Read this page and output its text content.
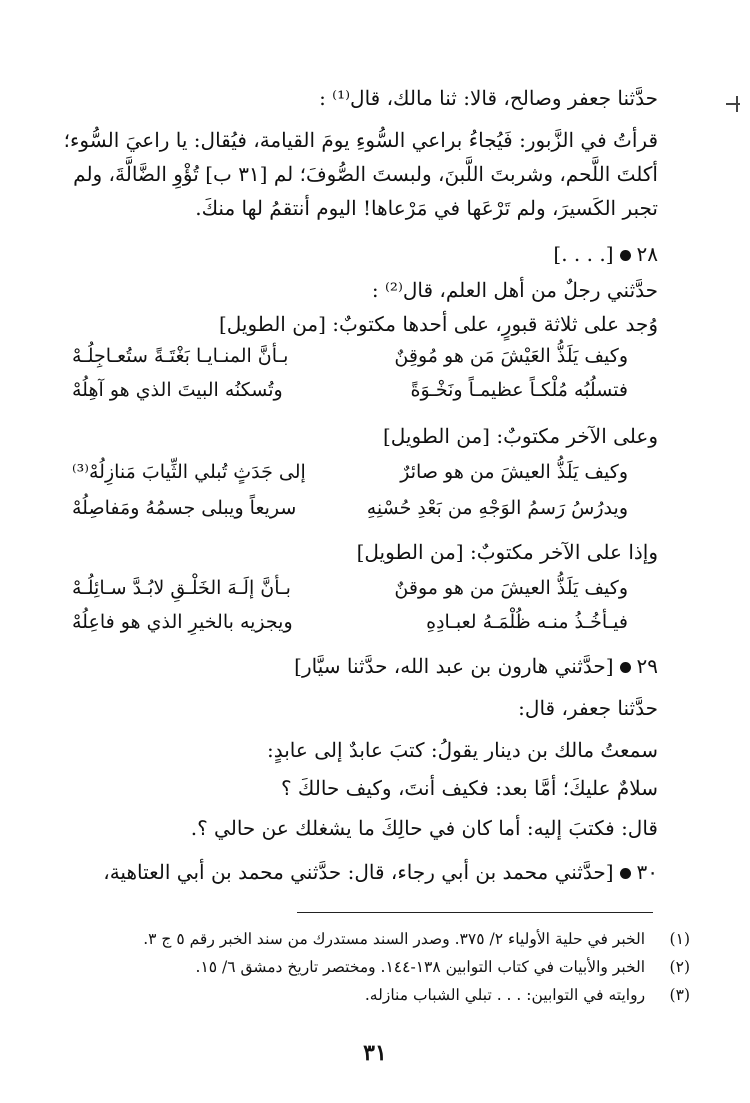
حدَّثنا جعفر وصالح، قالا: ثنا مالك، قال⁽¹⁾ :
قرأتُ في الزَّبور: فَيُجاءُ براعي السُّوءِ يومَ القيامة، فيُقال: يا راعيَ السُّوء؛
أكلتَ اللَّحم، وشربتَ اللَّبنَ، ولبستَ الصُّوفَ؛ لم [٣١ ب] تُؤْوِ الضَّالَّةَ، ولم
تجبر الكَسيرَ، ولم تَرْعَها في مَرْعاها! اليوم أنتقمُ لها منكَ.
٢٨[. . . .]
حدَّثني رجلٌ من أهل العلم، قال⁽²⁾ :
وُجد على ثلاثة قبورٍ، على أحدها مكتوبٌ: [من الطويل]
وكيف يَلَذُّ العَيْشَ مَن هو مُوقِنٌ
بـأنَّ المنـايـا بَغْتَـةً ستُعـاجِلُـهْ
فتسلُبُه مُلْكـاً عظيمـاً ونَخْـوَةً
وتُسكنُه البيتَ الذي هو آهِلُهْ
وعلى الآخر مكتوبٌ: [من الطويل]
وكيف يَلَذُّ العيشَ من هو صائرٌ
إلى جَدَثٍ تُبلي الثِّيابَ مَنازِلُهْ⁽³⁾
ويدرُسُ رَسمُ الوَجْهِ من بَعْدِ حُسْنِهِ
سريعاً ويبلى جسمُهُ ومَفاصِلُهْ
وإذا على الآخر مكتوبٌ: [من الطويل]
وكيف يَلَذُّ العيشَ من هو موقنٌ
بـأنَّ إلَـهَ الخَلْـقِ لابُـدَّ سـائِلُـهْ
فيـأخُـذُ منـه ظُلْمَـهُ لعبـادِهِ
ويجزيه بالخيرِ الذي هو فاعِلُهْ
٢٩[حدَّثني هارون بن عبد الله، حدَّثنا سيَّار]
حدَّثنا جعفر، قال:
سمعتُ مالك بن دينار يقولُ: كتبَ عابدٌ إلى عابدٍ:
سلامٌ عليكَ؛ أمَّا بعد: فكيف أنتَ، وكيف حالكَ ؟
قال: فكتبَ إليه: أما كان في حالِكَ ما يشغلك عن حالي ؟.
٣٠[حدَّثني محمد بن أبي رجاء، قال: حدَّثني محمد بن أبي العتاهية،
(١) الخبر في حلية الأولياء ٢/ ٣٧٥. وصدر السند مستدرك من سند الخبر رقم ٥ ج ٣.
(٢) الخبر والأبيات في كتاب التوابين ١٣٨-١٤٤. ومختصر تاريخ دمشق ٦/ ١٥.
(٣) روايته في التوابين: . . . تبلي الشباب منازله.
٣١
